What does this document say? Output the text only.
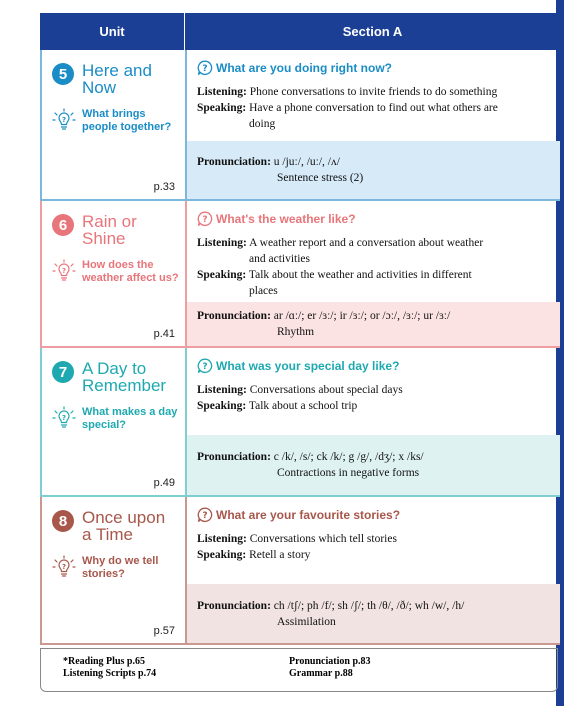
Unit	Section A
5 Here and Now
? What brings people together?
p.33
? What are you doing right now?
Listening: Phone conversations to invite friends to do something
Speaking: Have a phone conversation to find out what others are
doing
Pronunciation: u /juː/, /uː/, /ʌ/
Sentence stress (2)
6 Rain or Shine
? How does the weather affect us?
p.41
? What's the weather like?
Listening: A weather report and a conversation about weather
and activities
Speaking: Talk about the weather and activities in different
places
Pronunciation: ar /ɑː/; er /ɜː/; ir /ɜː/; or /ɔː/, /ɜː/; ur /ɜː/
Rhythm
7 A Day to Remember
? What makes a day special?
p.49
? What was your special day like?
Listening: Conversations about special days
Speaking: Talk about a school trip
Pronunciation: c /k/, /s/; ck /k/; g /g/, /dʒ/; x /ks/
Contractions in negative forms
8 Once upon a Time
? Why do we tell stories?
p.57
? What are your favourite stories?
Listening: Conversations which tell stories
Speaking: Retell a story
Pronunciation: ch /tʃ/; ph /f/; sh /ʃ/; th /θ/, /ð/; wh /w/, /h/
Assimilation
*Reading Plus p.65
Listening Scripts p.74
Pronunciation p.83
Grammar p.88
